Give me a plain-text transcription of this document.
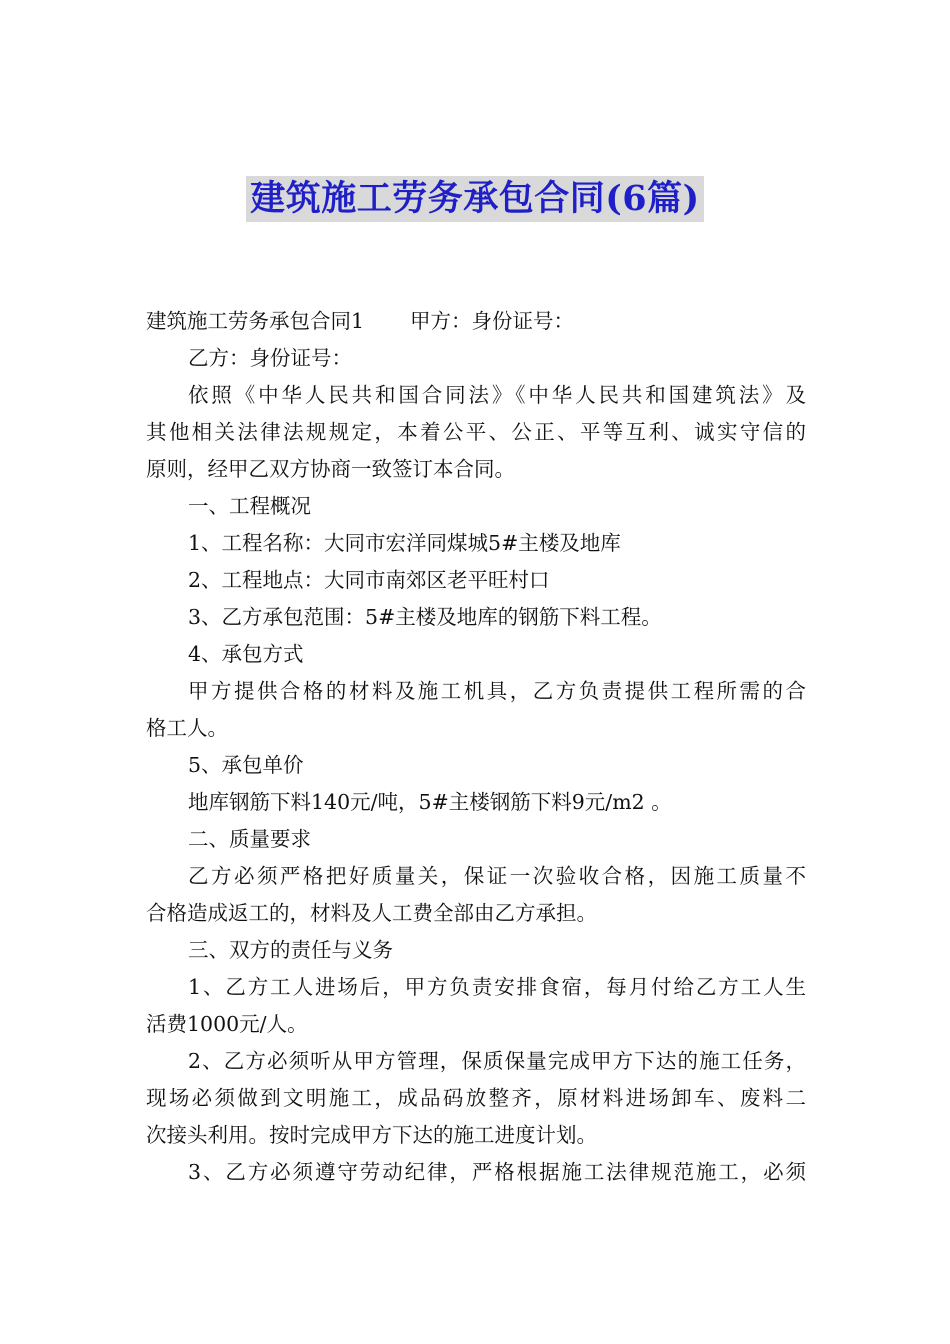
建筑施工劳务承包合同(6篇)
建筑施工劳务承包合同1 甲方：身份证号：
乙方：身份证号：
依照《中华人民共和国合同法》《中华人民共和国建筑法》及
其他相关法律法规规定，本着公平、公正、平等互利、诚实守信的
原则，经甲乙双方协商一致签订本合同。
一、工程概况
1、工程名称：大同市宏洋同煤城5#主楼及地库
2、工程地点：大同市南郊区老平旺村口
3、乙方承包范围：5#主楼及地库的钢筋下料工程。
4、承包方式
甲方提供合格的材料及施工机具，乙方负责提供工程所需的合
格工人。
5、承包单价
地库钢筋下料140元/吨，5#主楼钢筋下料9元/m2 。
二、质量要求
乙方必须严格把好质量关，保证一次验收合格，因施工质量不
合格造成返工的，材料及人工费全部由乙方承担。
三、双方的责任与义务
1、乙方工人进场后，甲方负责安排食宿，每月付给乙方工人生
活费1000元/人。
2、乙方必须听从甲方管理，保质保量完成甲方下达的施工任务，
现场必须做到文明施工，成品码放整齐，原材料进场卸车、废料二
次接头利用。按时完成甲方下达的施工进度计划。
3、乙方必须遵守劳动纪律，严格根据施工法律规范施工，必须
